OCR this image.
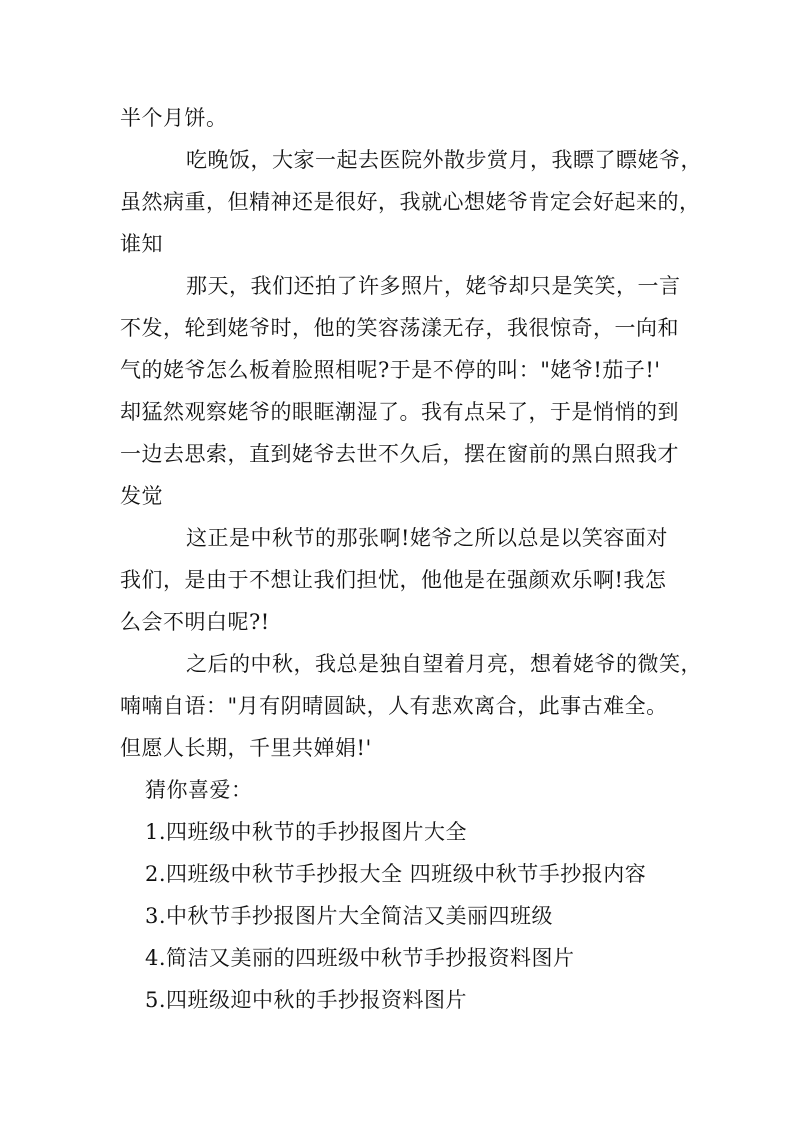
半个月饼。
吃晚饭，大家一起去医院外散步赏月，我瞟了瞟姥爷，
虽然病重，但精神还是很好，我就心想姥爷肯定会好起来的，
谁知
那天，我们还拍了许多照片，姥爷却只是笑笑，一言
不发，轮到姥爷时，他的笑容荡漾无存，我很惊奇，一向和
气的姥爷怎么板着脸照相呢?于是不停的叫："姥爷!茄子!'
却猛然观察姥爷的眼眶潮湿了。我有点呆了，于是悄悄的到
一边去思索，直到姥爷去世不久后，摆在窗前的黑白照我才
发觉
这正是中秋节的那张啊!姥爷之所以总是以笑容面对
我们，是由于不想让我们担忧，他他是在强颜欢乐啊!我怎
么会不明白呢?!
之后的中秋，我总是独自望着月亮，想着姥爷的微笑，
喃喃自语："月有阴晴圆缺，人有悲欢离合，此事古难全。
但愿人长期，千里共婵娟!'
猜你喜爱：
1.四班级中秋节的手抄报图片大全
2.四班级中秋节手抄报大全 四班级中秋节手抄报内容
3.中秋节手抄报图片大全简洁又美丽四班级
4.简洁又美丽的四班级中秋节手抄报资料图片
5.四班级迎中秋的手抄报资料图片
